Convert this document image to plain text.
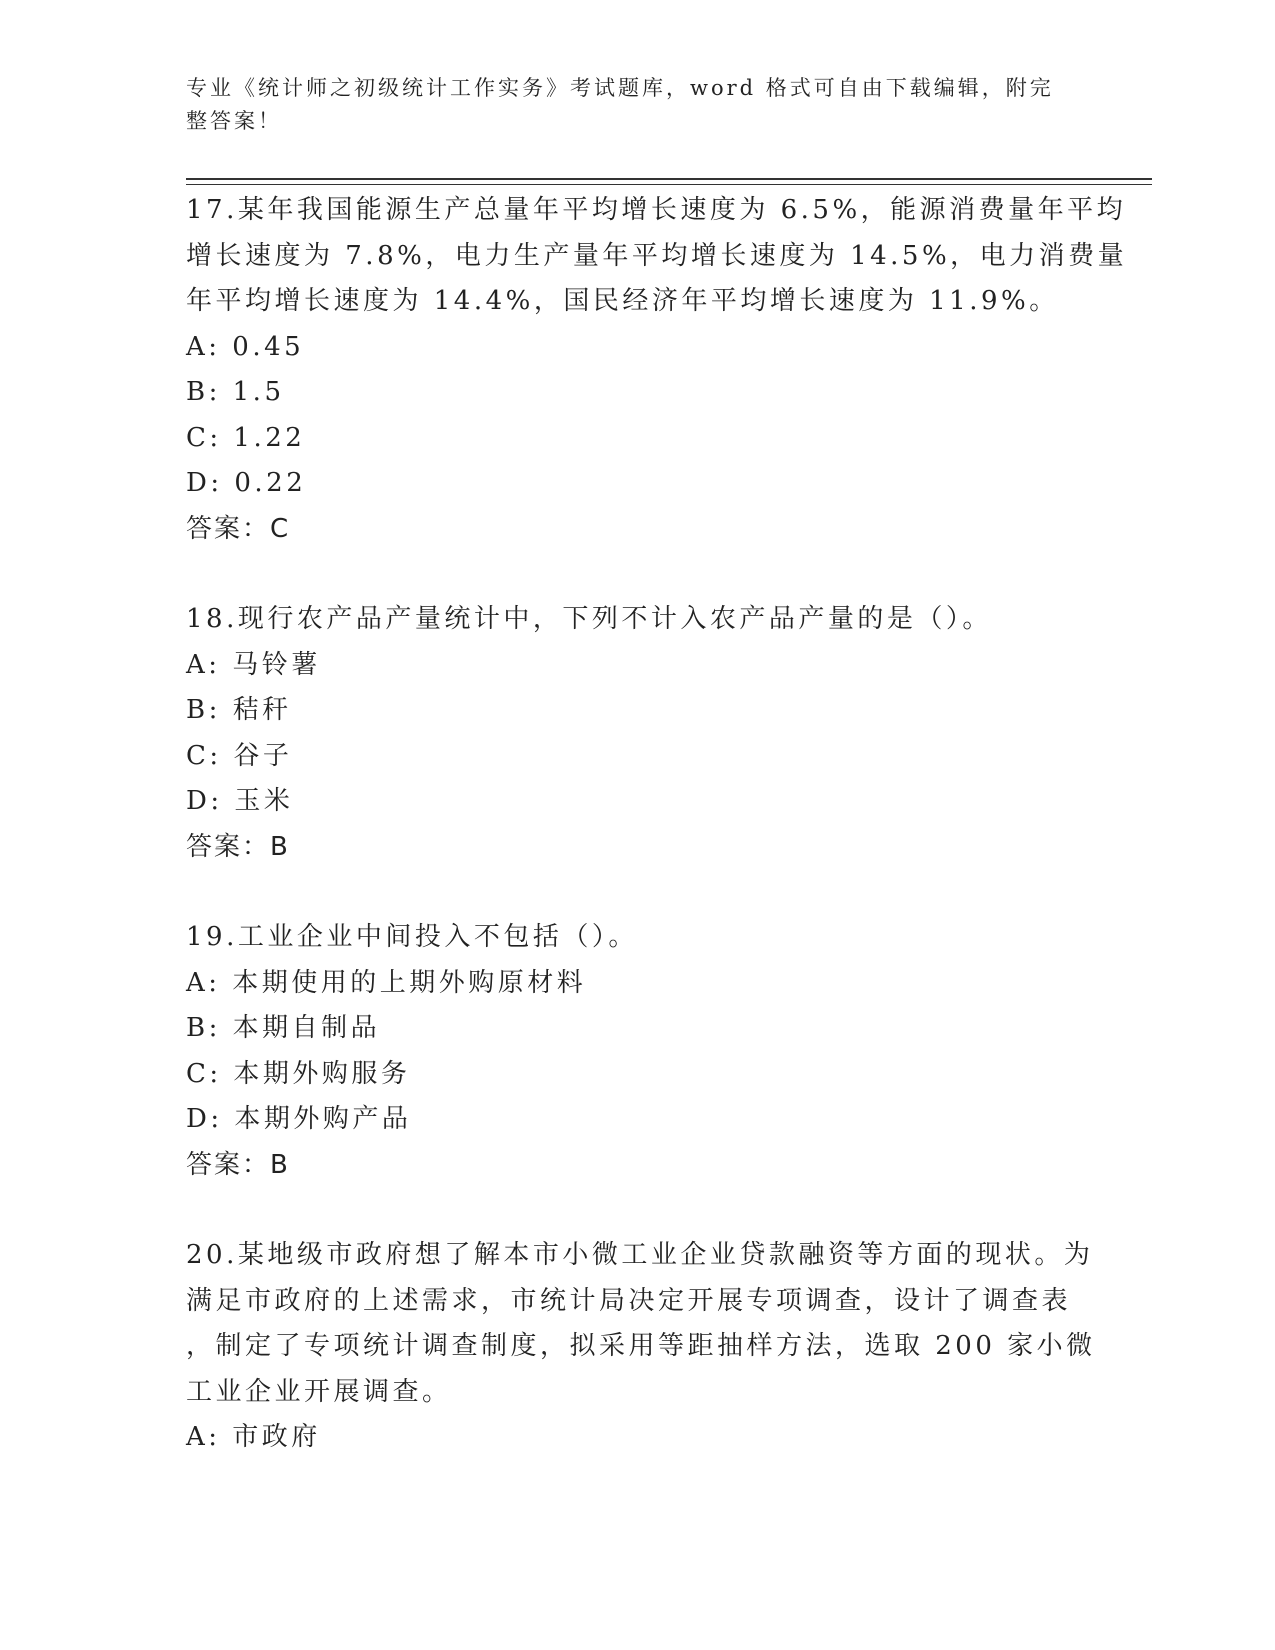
专业《统计师之初级统计工作实务》考试题库，word 格式可自由下载编辑，附完
整答案！
17.某年我国能源生产总量年平均增长速度为 6.5%，能源消费量年平均
增长速度为 7.8%，电力生产量年平均增长速度为 14.5%，电力消费量
年平均增长速度为 14.4%，国民经济年平均增长速度为 11.9%。
A: 0.45
B: 1.5
C: 1.22
D: 0.22
答案：C
18.现行农产品产量统计中，下列不计入农产品产量的是（）。
A: 马铃薯
B: 秸秆
C: 谷子
D: 玉米
答案：B
19.工业企业中间投入不包括（）。
A: 本期使用的上期外购原材料
B: 本期自制品
C: 本期外购服务
D: 本期外购产品
答案：B
20.某地级市政府想了解本市小微工业企业贷款融资等方面的现状。为
满足市政府的上述需求，市统计局决定开展专项调查，设计了调查表
，制定了专项统计调查制度，拟采用等距抽样方法，选取 200 家小微
工业企业开展调查。
A: 市政府
